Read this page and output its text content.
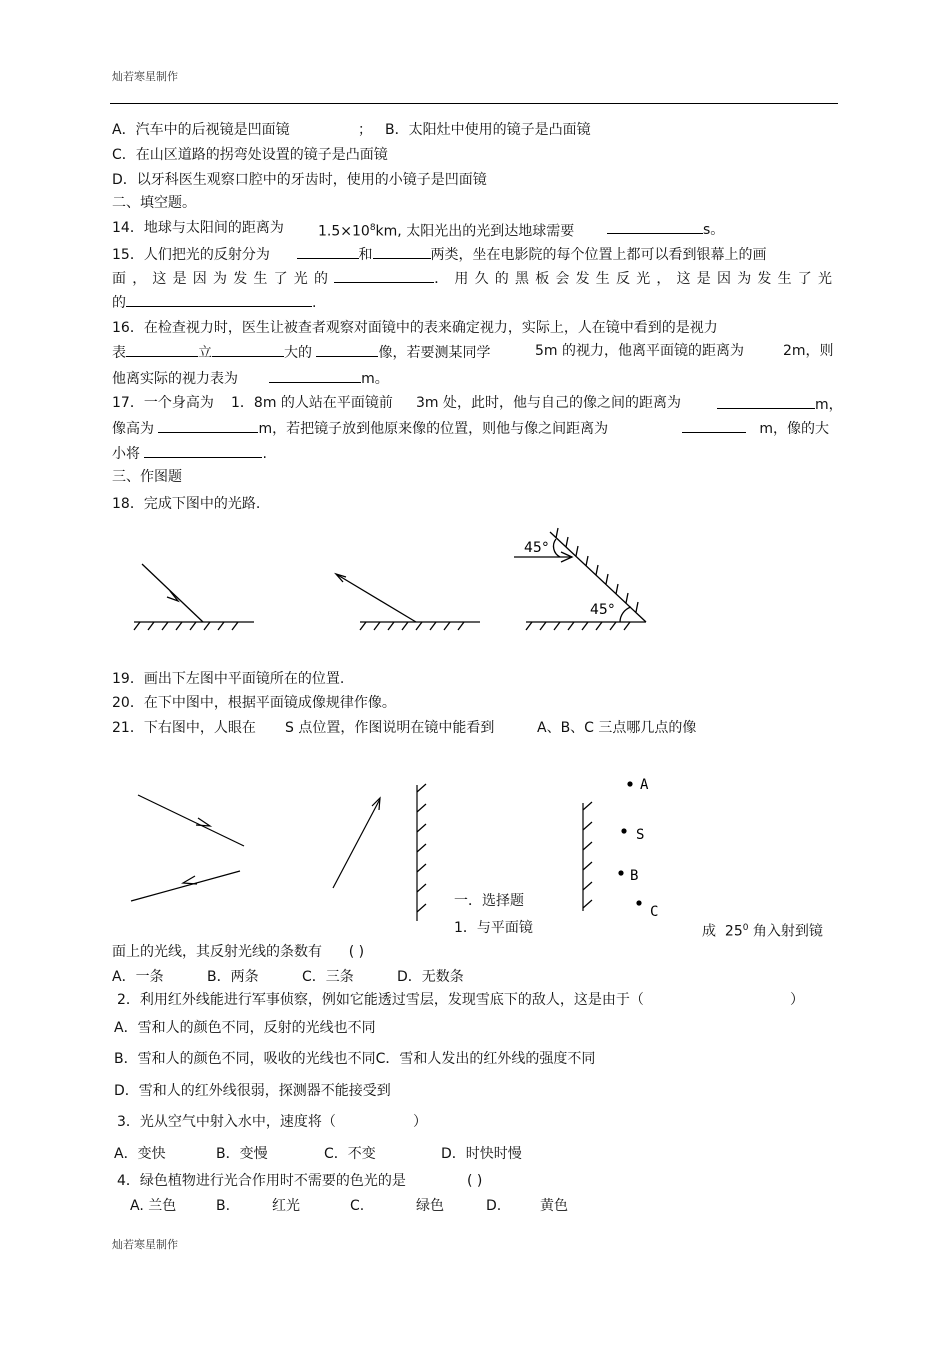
灿若寒星制作
A．汽车中的后视镜是凹面镜	； B．太阳灶中使用的镜子是凸面镜
C．在山区道路的拐弯处设置的镜子是凸面镜
D．以牙科医生观察口腔中的牙齿时，使用的小镜子是凹面镜
二、填空题。
14．地球与太阳间的距离为 $1.5\times 10^8km$, 太阳光出的光到达地球需要	s。
15．人们把光的反射分为	和	两类，坐在电影院的每个位置上都可以看到银幕上的画
面，这是因为发生了光的	．用久的黑板会发生反光，这是因为发生了光
的	.
16．在检查视力时，医生让被查者观察对面镜中的表来确定视力，实际上，人在镜中看到的是视力
表	立	大的	像，若要测某同学	5m 的视力，他离平面镜的距离为	2m，则
他离实际的视力表为	m。
17．一个身高为 1．8m 的人站在平面镜前 3m 处，此时，他与自己的像之间的距离为	m，
像高为	m，若把镜子放到他原来像的位置，则他与像之间距离为	m，像的大
小将	.
三、作图题
18．完成下图中的光路.
45°
45°
19．画出下左图中平面镜所在的位置.
20．在下中图中，根据平面镜成像规律作像。
21．下右图中，人眼在 S 点位置，作图说明在镜中能看到	A、B、C 三点哪几点的像
A
S
B
C
一．选择题
1．与平面镜	成 $25^0$ 角入射到镜
面上的光线，其反射光线的条数有 ( )
A．一条	B．两条	C．三条	D．无数条
2．利用红外线能进行军事侦察，例如它能透过雪层，发现雪底下的敌人，这是由于（	）
A．雪和人的颜色不同，反射的光线也不同
B．雪和人的颜色不同，吸收的光线也不同C．雪和人发出的红外线的强度不同
D．雪和人的红外线很弱，探测器不能接受到
3．光从空气中射入水中，速度将（	）
A．变快	B．变慢	C．不变	D．时快时慢
4．绿色植物进行光合作用时不需要的色光的是	( )
A. 兰色	B.	红光	C.	绿色	D.	黄色
灿若寒星制作
